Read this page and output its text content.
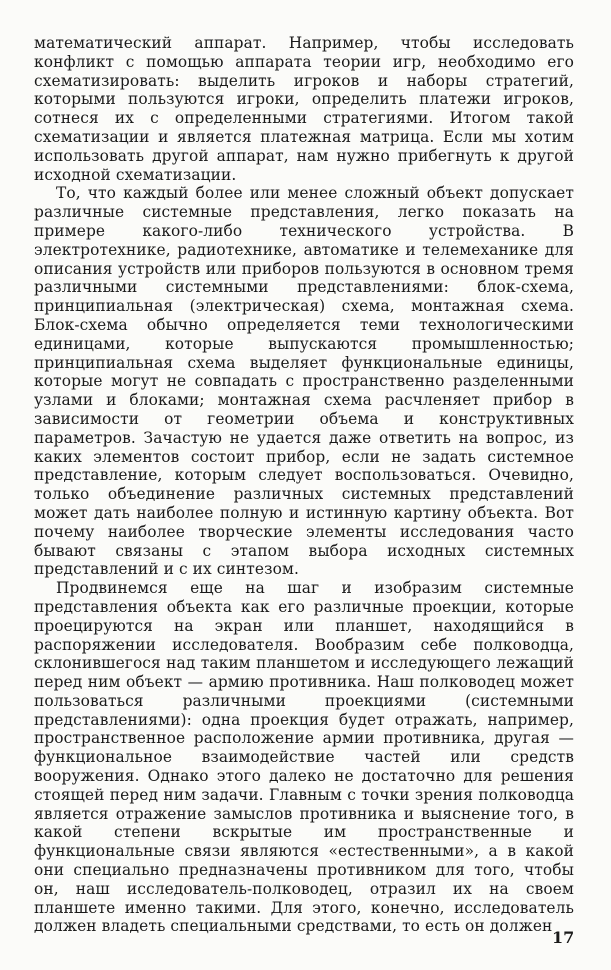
математический аппарат. Например, чтобы исследовать конфликт с помощью аппарата теории игр, необходимо его схематизировать: выделить игроков и наборы стратегий, которыми пользуются игроки, определить платежи игроков, сотнеся их с определенными стратегиями. Итогом такой схематизации и является платежная матрица. Если мы хотим использовать другой аппарат, нам нужно прибегнуть к другой исходной схематизации.

То, что каждый более или менее сложный объект допускает различные системные представления, легко показать на примере какого-либо технического устройства. В электротехнике, радиотехнике, автоматике и телемеханике для описания устройств или приборов пользуются в основном тремя различными системными представлениями: блок-схема, принципиальная (электрическая) схема, монтажная схема. Блок-схема обычно определяется теми технологическими единицами, которые выпускаются промышленностью; принципиальная схема выделяет функциональные единицы, которые могут не совпадать с пространственно разделенными узлами и блоками; монтажная схема расчленяет прибор в зависимости от геометрии объема и конструктивных параметров. Зачастую не удается даже ответить на вопрос, из каких элементов состоит прибор, если не задать системное представление, которым следует воспользоваться. Очевидно, только объединение различных системных представлений может дать наиболее полную и истинную картину объекта. Вот почему наиболее творческие элементы исследования часто бывают связаны с этапом выбора исходных системных представлений и с их синтезом.

Продвинемся еще на шаг и изобразим системные представления объекта как его различные проекции, которые проецируются на экран или планшет, находящийся в распоряжении исследователя. Вообразим себе полководца, склонившегося над таким планшетом и исследующего лежащий перед ним объект — армию противника. Наш полководец может пользоваться различными проекциями (системными представлениями): одна проекция будет отражать, например, пространственное расположение армии противника, другая — функциональное взаимодействие частей или средств вооружения. Однако этого далеко не достаточно для решения стоящей перед ним задачи. Главным с точки зрения полководца является отражение замыслов противника и выяснение того, в какой степени вскрытые им пространственные и функциональные связи являются «естественными», а в какой они специально предназначены противником для того, чтобы он, наш исследователь-полководец, отразил их на своем планшете именно такими. Для этого, конечно, исследователь должен владеть специальными средствами, то есть он должен

17
